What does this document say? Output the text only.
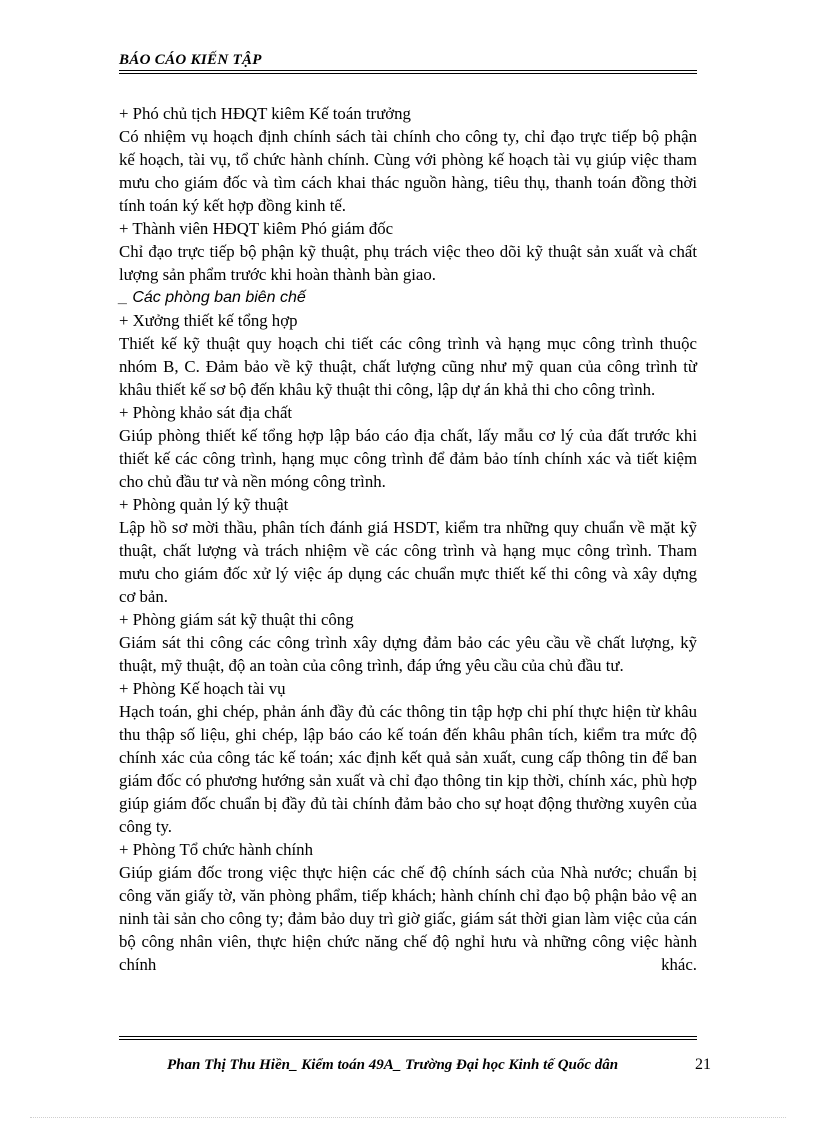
BÁO CÁO KIẾN TẬP

+ Phó chủ tịch HĐQT kiêm Kế toán trưởng

Có nhiệm vụ hoạch định chính sách tài chính cho công ty, chỉ đạo trực tiếp bộ phận kế hoạch, tài vụ, tổ chức hành chính. Cùng với phòng kế hoạch tài vụ giúp việc tham mưu cho giám đốc và tìm cách khai thác nguồn hàng, tiêu thụ, thanh toán đồng thời tính toán ký kết hợp đồng kinh tế.

+ Thành viên HĐQT kiêm Phó giám đốc

Chỉ đạo trực tiếp bộ phận kỹ thuật, phụ trách việc theo dõi kỹ thuật sản xuất và chất lượng sản phẩm trước khi hoàn thành bàn giao.

_ Các phòng ban biên chế

+ Xưởng thiết kế tổng hợp

Thiết kế kỹ thuật quy hoạch chi tiết các công trình và hạng mục công trình thuộc nhóm B, C. Đảm bảo về kỹ thuật, chất lượng cũng như mỹ quan của công trình từ khâu thiết kế sơ bộ đến khâu kỹ thuật thi công, lập dự án khả thi cho công trình.

+ Phòng khảo sát địa chất

Giúp phòng thiết kế tổng hợp lập báo cáo địa chất, lấy mẫu cơ lý của đất trước khi thiết kế các công trình, hạng mục công trình để đảm bảo tính chính xác và tiết kiệm cho chủ đầu tư và nền móng công trình.

+ Phòng quản lý kỹ thuật

Lập hồ sơ mời thầu, phân tích đánh giá HSDT, kiểm tra những quy chuẩn về mặt kỹ thuật, chất lượng và trách nhiệm về các công trình và hạng mục công trình. Tham mưu cho giám đốc xử lý việc áp dụng các chuẩn mực thiết kế thi công và xây dựng cơ bản.

+ Phòng giám sát kỹ thuật thi công

Giám sát thi công các công trình xây dựng đảm bảo các yêu cầu về chất lượng, kỹ thuật, mỹ thuật, độ an toàn của công trình, đáp ứng yêu cầu của chủ đầu tư.

+ Phòng Kế hoạch tài vụ

Hạch toán, ghi chép, phản ánh đầy đủ các thông tin tập hợp chi phí thực hiện từ khâu thu thập số liệu, ghi chép, lập báo cáo kế toán đến khâu phân tích, kiểm tra mức độ chính xác của công tác kế toán; xác định kết quả sản xuất, cung cấp thông tin để ban giám đốc có phương hướng sản xuất và chỉ đạo thông tin kịp thời, chính xác, phù hợp giúp giám đốc chuẩn bị đầy đủ tài chính đảm bảo cho sự hoạt động thường xuyên của công ty.

+ Phòng Tổ chức hành chính

Giúp giám đốc trong việc thực hiện các chế độ chính sách của Nhà nước; chuẩn bị công văn giấy tờ, văn phòng phẩm, tiếp khách; hành chính chỉ đạo bộ phận bảo vệ an ninh tài sản cho công ty; đảm bảo duy trì giờ giấc, giám sát thời gian làm việc của cán bộ công nhân viên, thực hiện chức năng chế độ nghỉ hưu và những công việc hành chính khác.

Phan Thị Thu Hiền_ Kiểm toán 49A_ Trường Đại học Kinh tế Quốc dân	21
